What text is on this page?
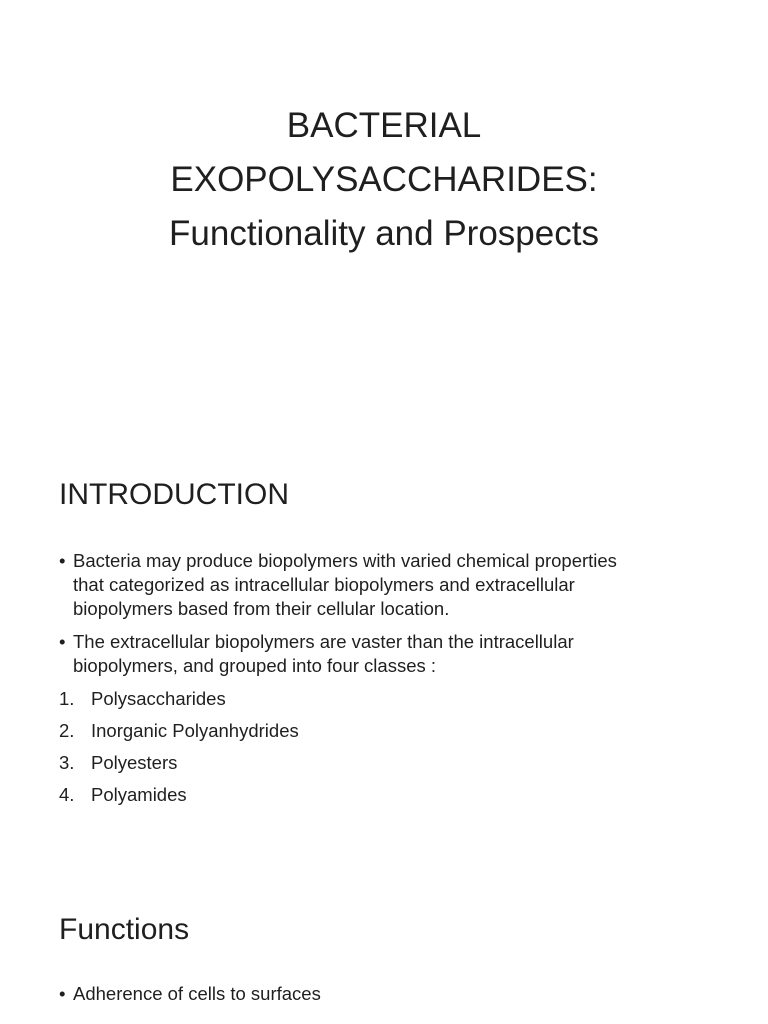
BACTERIAL
EXOPOLYSACCHARIDES:
Functionality and Prospects
INTRODUCTION
• Bacteria may produce biopolymers with varied chemical properties
that categorized as intracellular biopolymers and extracellular
biopolymers based from their cellular location.
• The extracellular biopolymers are vaster than the intracellular
biopolymers, and grouped into four classes :
1. Polysaccharides
2. Inorganic Polyanhydrides
3. Polyesters
4. Polyamides
Functions
• Adherence of cells to surfaces
